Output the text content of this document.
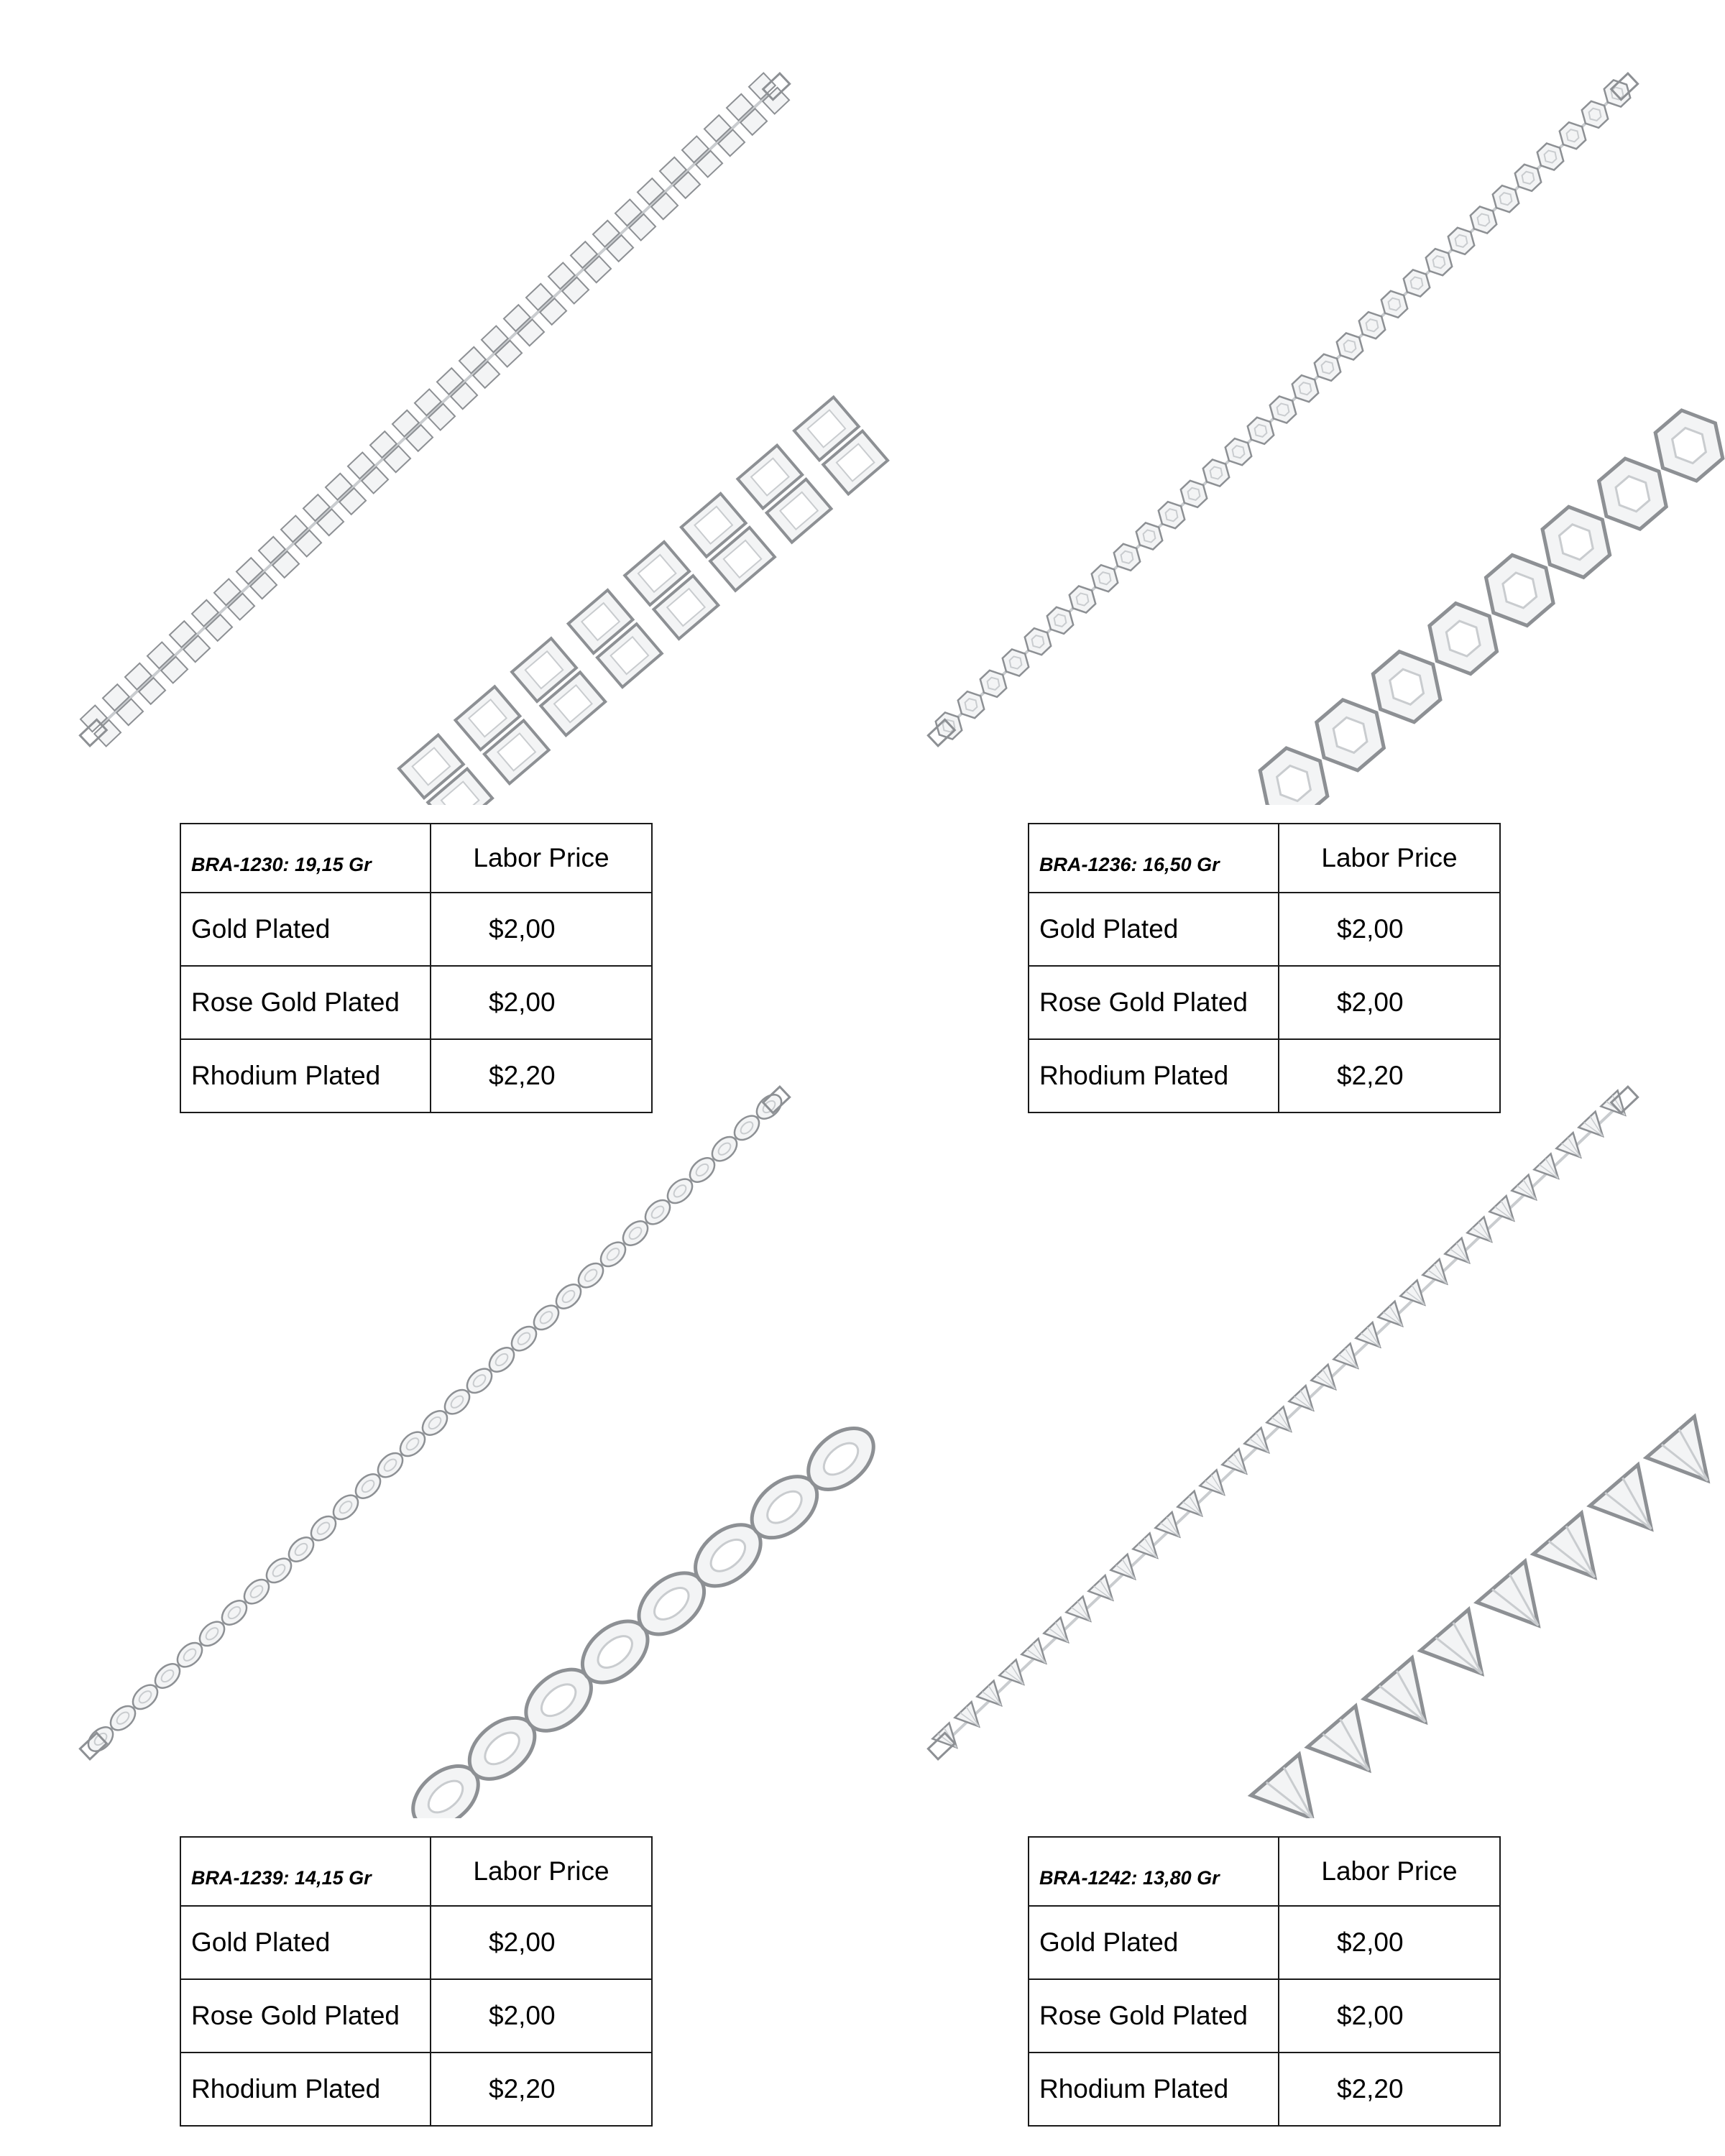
BRA-1230: 19,15 Gr	Labor Price
Gold Plated	$2,00
Rose Gold Plated	$2,00
Rhodium Plated	$2,20
BRA-1236: 16,50 Gr	Labor Price
Gold Plated	$2,00
Rose Gold Plated	$2,00
Rhodium Plated	$2,20
BRA-1239: 14,15 Gr	Labor Price
Gold Plated	$2,00
Rose Gold Plated	$2,00
Rhodium Plated	$2,20
BRA-1242: 13,80 Gr	Labor Price
Gold Plated	$2,00
Rose Gold Plated	$2,00
Rhodium Plated	$2,20
